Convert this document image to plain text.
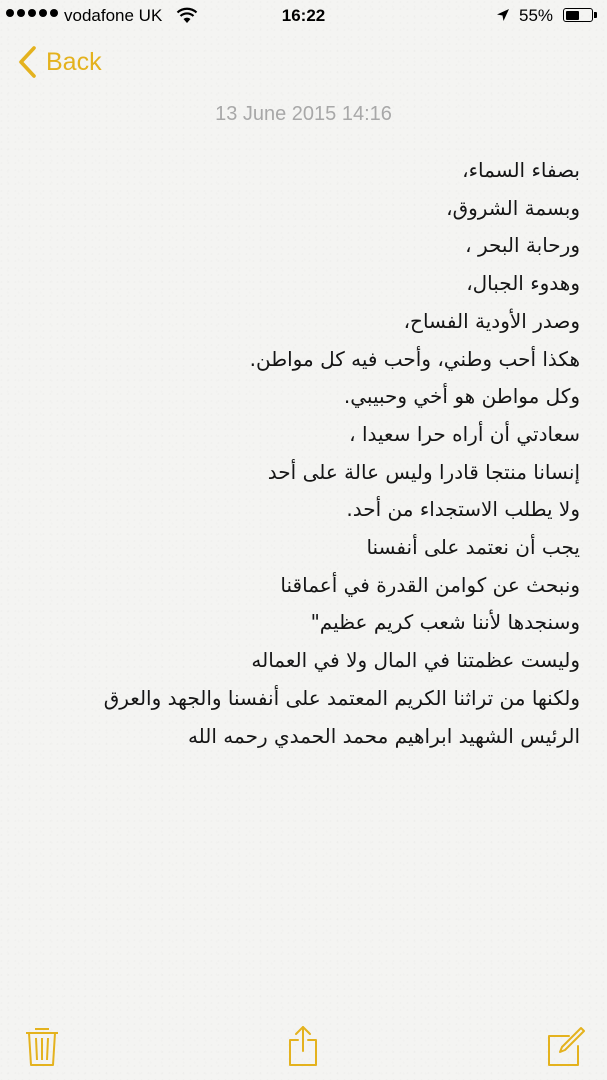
vodafone UK	16:22	55%
Back
13 June 2015 14:16
بصفاء السماء،
وبسمة الشروق،
ورحابة البحر ،
وهدوء الجبال،
وصدر الأودية الفساح،
هكذا أحب وطني، وأحب فيه كل مواطن.
وكل مواطن هو أخي وحبيبي.
سعادتي أن أراه حرا سعيدا ،
إنسانا منتجا قادرا وليس عالة على أحد
ولا يطلب الاستجداء من أحد.
يجب أن نعتمد على أنفسنا
ونبحث عن كوامن القدرة في أعماقنا
وسنجدها لأننا شعب كريم عظيم"
وليست عظمتنا في المال ولا في العماله
ولكنها من تراثنا الكريم المعتمد على أنفسنا والجهد والعرق
الرئيس الشهيد ابراهيم محمد الحمدي رحمه الله
